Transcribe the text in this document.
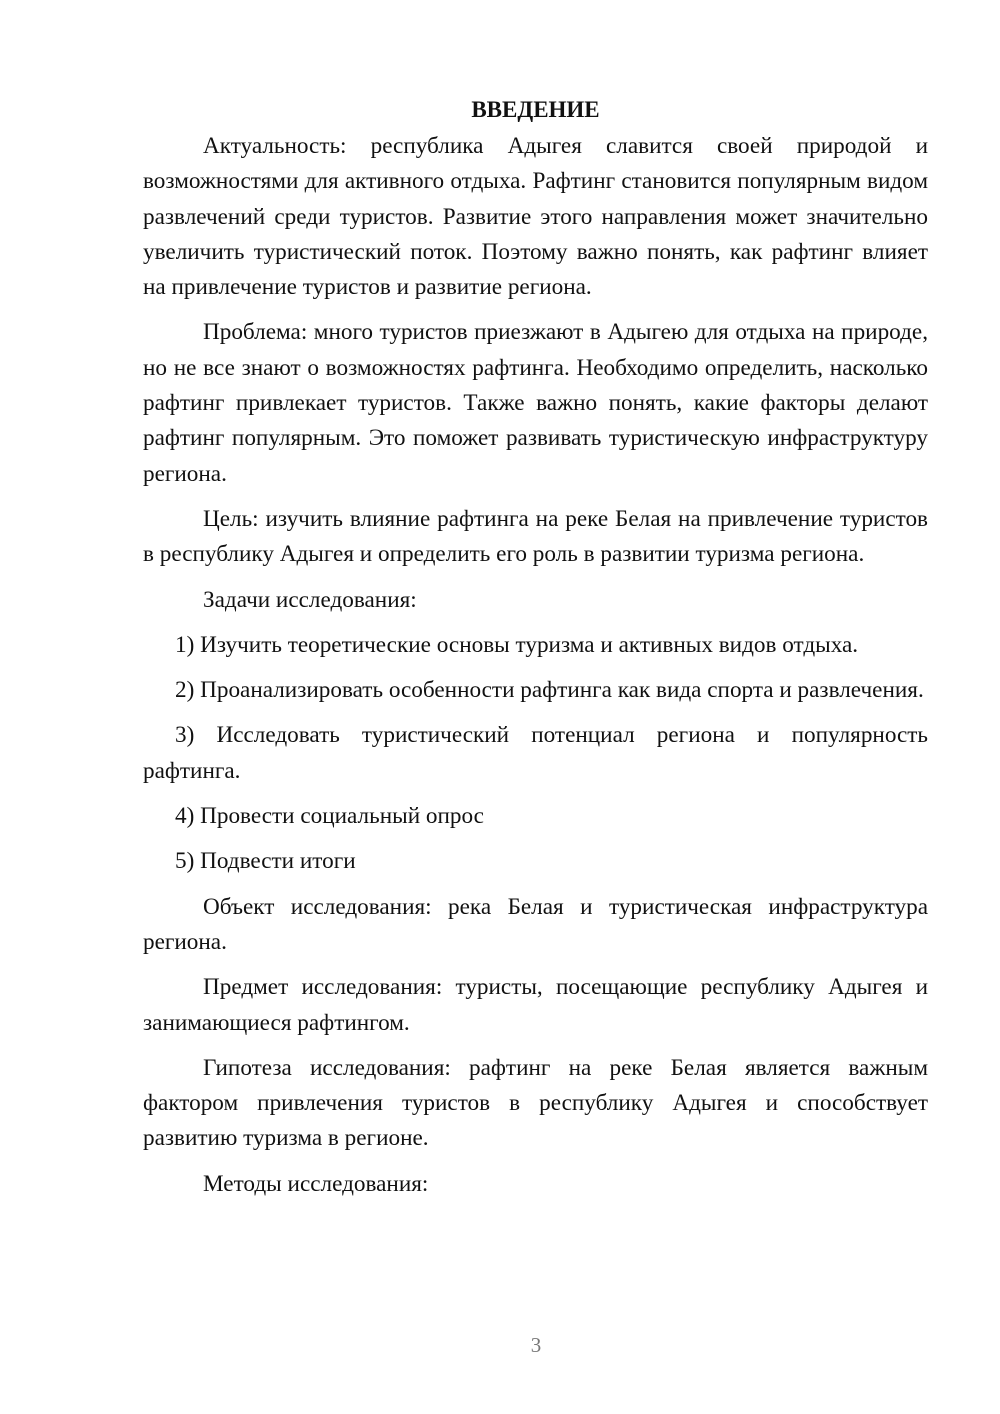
ВВЕДЕНИЕ

Актуальность: республика Адыгея славится своей природой и возможностями для активного отдыха. Рафтинг становится популярным видом развлечений среди туристов. Развитие этого направления может значительно увеличить туристический поток. Поэтому важно понять, как рафтинг влияет на привлечение туристов и развитие региона.

Проблема: много туристов приезжают в Адыгею для отдыха на природе, но не все знают о возможностях рафтинга. Необходимо определить, насколько рафтинг привлекает туристов. Также важно понять, какие факторы делают рафтинг популярным. Это поможет развивать туристическую инфраструктуру региона.

Цель: изучить влияние рафтинга на реке Белая на привлечение туристов в республику Адыгея и определить его роль в развитии туризма региона.

Задачи исследования:

1) Изучить теоретические основы туризма и активных видов отдыха.

2) Проанализировать особенности рафтинга как вида спорта и развлечения.

3) Исследовать туристический потенциал региона и популярность рафтинга.

4) Провести социальный опрос

5) Подвести итоги

Объект исследования: река Белая и туристическая инфраструктура региона.

Предмет исследования: туристы, посещающие республику Адыгея и занимающиеся рафтингом.

Гипотеза исследования: рафтинг на реке Белая является важным фактором привлечения туристов в республику Адыгея и способствует развитию туризма в регионе.

Методы исследования:

3
